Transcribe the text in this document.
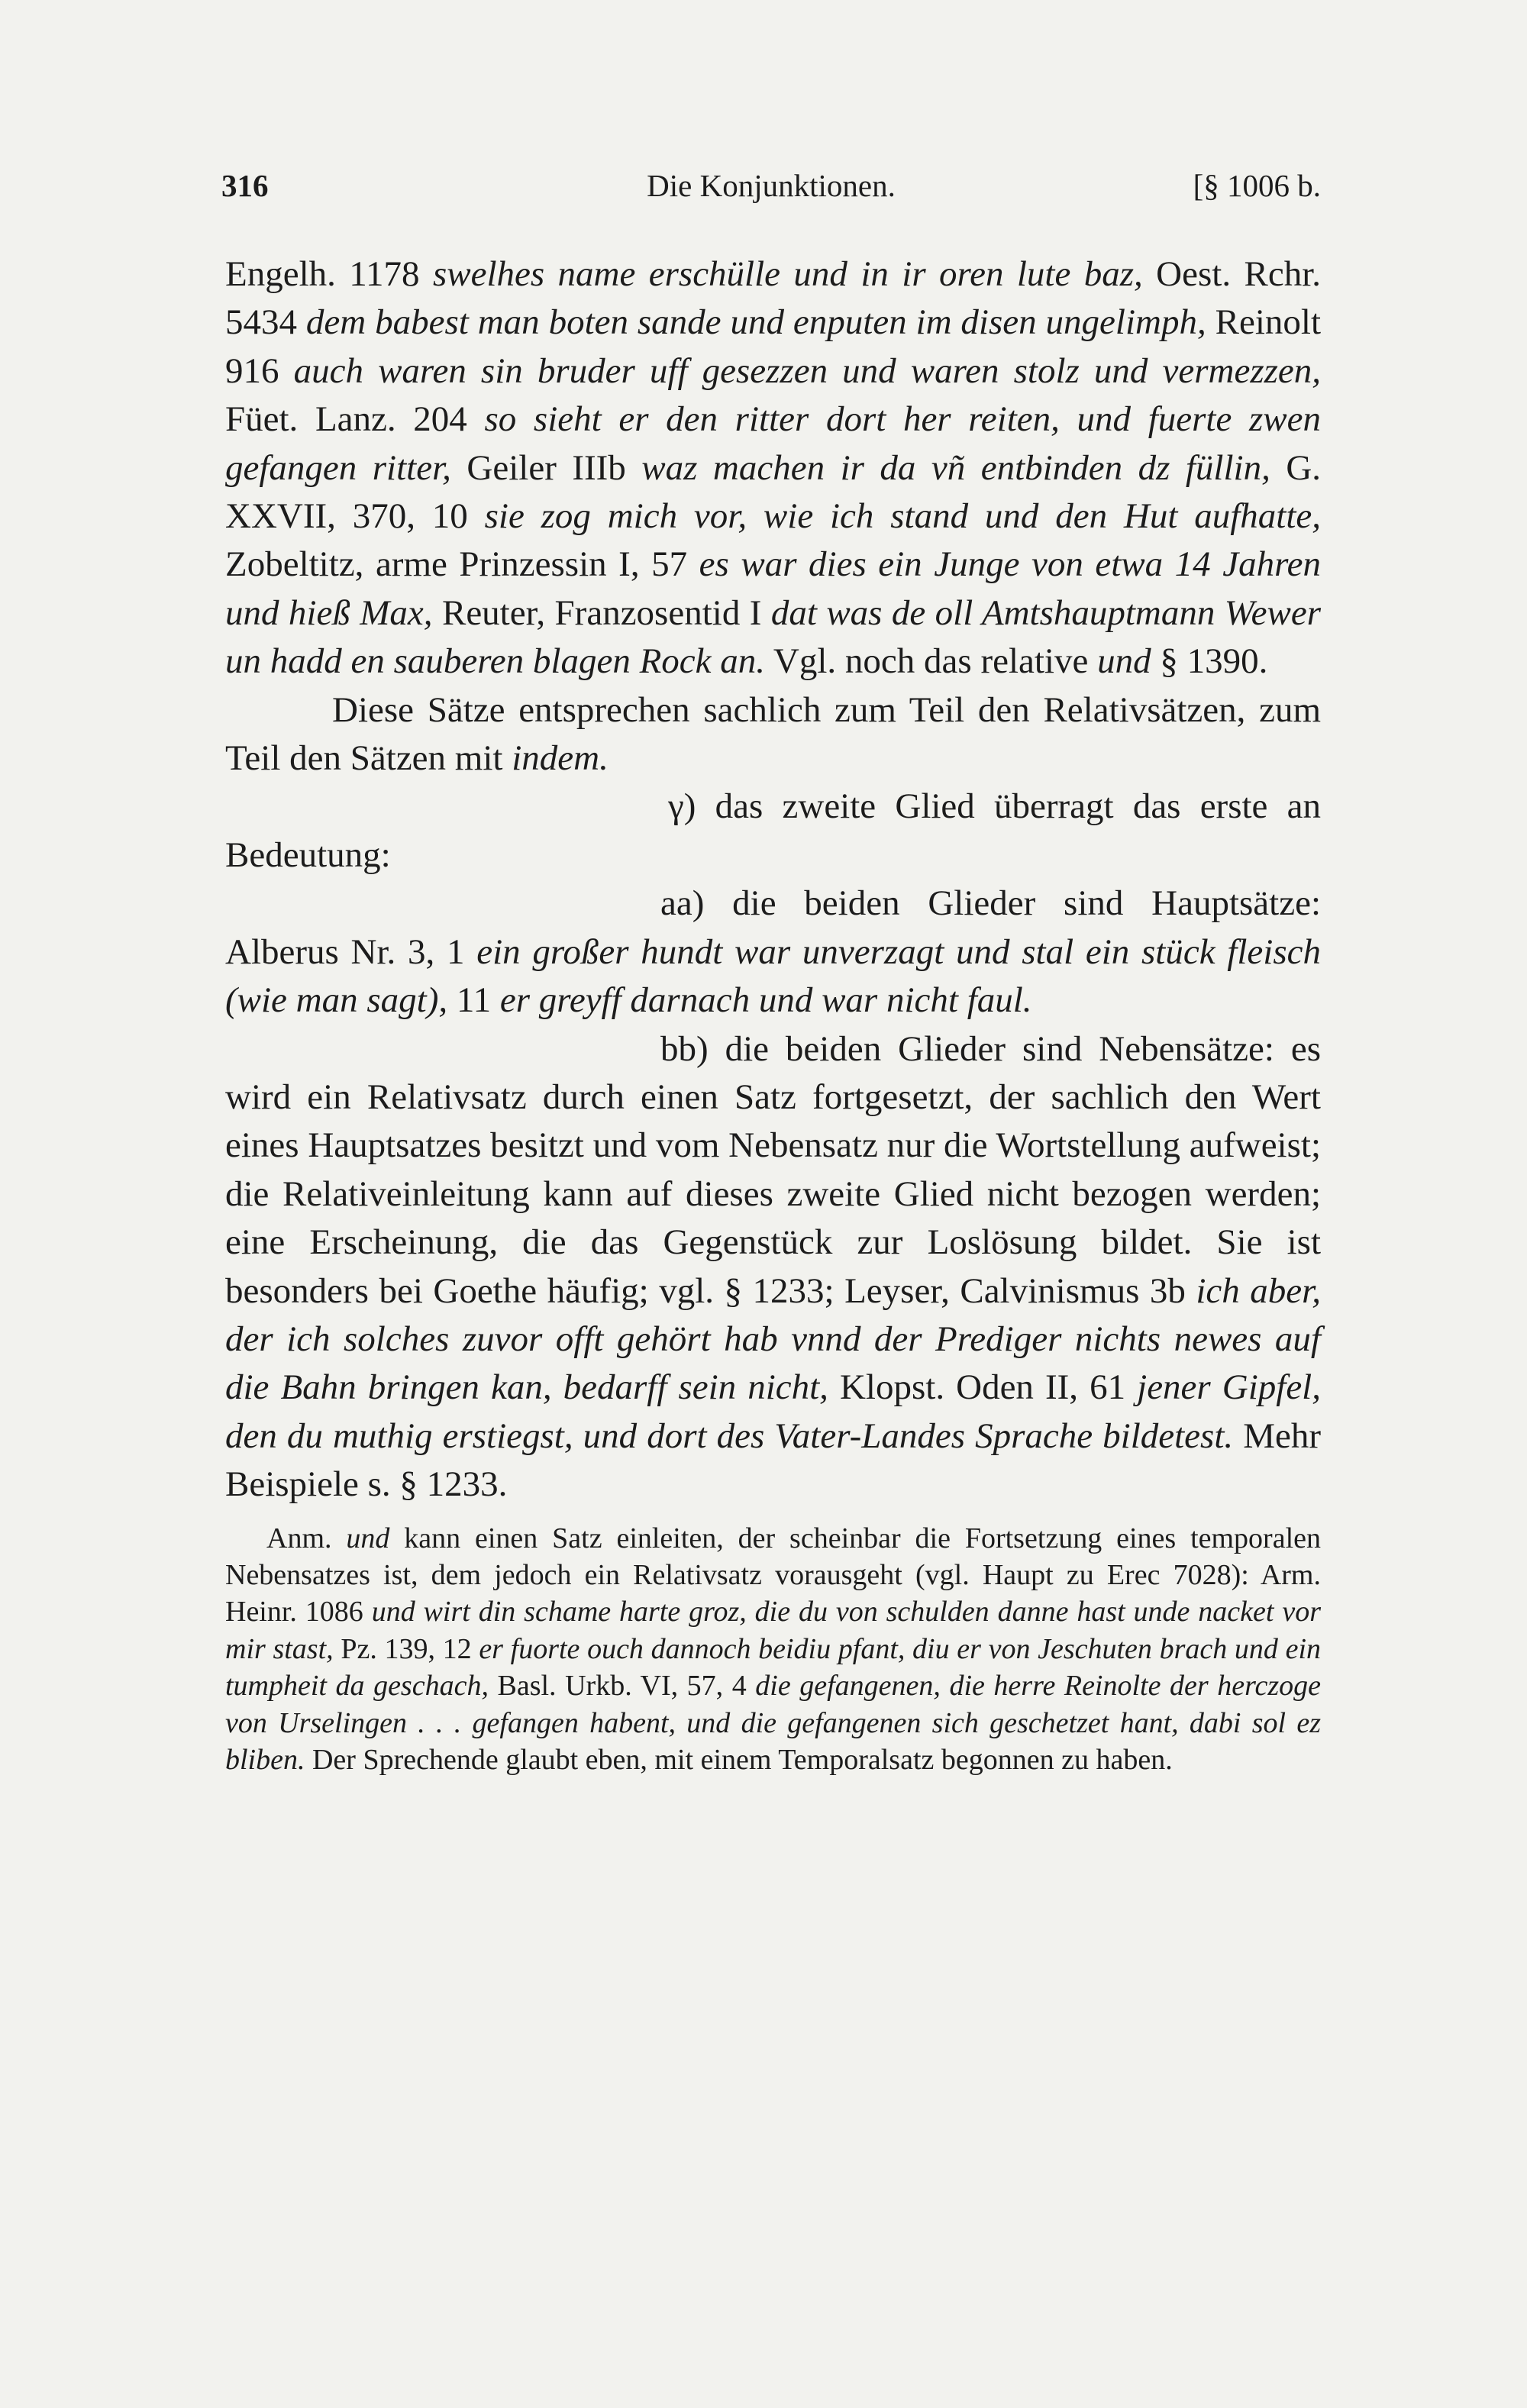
316	Die Konjunktionen.	[§ 1006 b.

Engelh. 1178 swelhes name erschülle und in ir oren lute baz, Oest. Rchr. 5434 dem babest man boten sande und enputen im disen ungelimph, Reinolt 916 auch waren sin bruder uff gesezzen und waren stolz und vermezzen, Füet. Lanz. 204 so sieht er den ritter dort her reiten, und fuerte zwen gefangen ritter, Geiler IIIb waz machen ir da vñ entbinden dz füllin, G. XXVII, 370, 10 sie zog mich vor, wie ich stand und den Hut aufhatte, Zobeltitz, arme Prinzessin I, 57 es war dies ein Junge von etwa 14 Jahren und hieß Max, Reuter, Franzosentid I dat was de oll Amtshauptmann Wewer un hadd en sauberen blagen Rock an. Vgl. noch das relative und § 1390.

Diese Sätze entsprechen sachlich zum Teil den Relativsätzen, zum Teil den Sätzen mit indem.

γ) das zweite Glied überragt das erste an Bedeutung:

aa) die beiden Glieder sind Hauptsätze: Alberus Nr. 3, 1 ein großer hundt war unverzagt und stal ein stück fleisch (wie man sagt), 11 er greyff darnach und war nicht faul.

bb) die beiden Glieder sind Nebensätze: es wird ein Relativsatz durch einen Satz fortgesetzt, der sachlich den Wert eines Hauptsatzes besitzt und vom Nebensatz nur die Wortstellung aufweist; die Relativeinleitung kann auf dieses zweite Glied nicht bezogen werden; eine Erscheinung, die das Gegenstück zur Loslösung bildet. Sie ist besonders bei Goethe häufig; vgl. § 1233; Leyser, Calvinismus 3b ich aber, der ich solches zuvor offt gehört hab vnnd der Prediger nichts newes auf die Bahn bringen kan, bedarff sein nicht, Klopst. Oden II, 61 jener Gipfel, den du muthig erstiegst, und dort des Vater-Landes Sprache bildetest. Mehr Beispiele s. § 1233.

Anm. und kann einen Satz einleiten, der scheinbar die Fortsetzung eines temporalen Nebensatzes ist, dem jedoch ein Relativsatz vorausgeht (vgl. Haupt zu Erec 7028): Arm. Heinr. 1086 und wirt din schame harte groz, die du von schulden danne hast unde nacket vor mir stast, Pz. 139, 12 er fuorte ouch dannoch beidiu pfant, diu er von Jeschuten brach und ein tumpheit da geschach, Basl. Urkb. VI, 57, 4 die gefangenen, die herre Reinolte der herczoge von Urselingen . . . gefangen habent, und die gefangenen sich geschetzet hant, dabi sol ez bliben. Der Sprechende glaubt eben, mit einem Temporalsatz begonnen zu haben.
